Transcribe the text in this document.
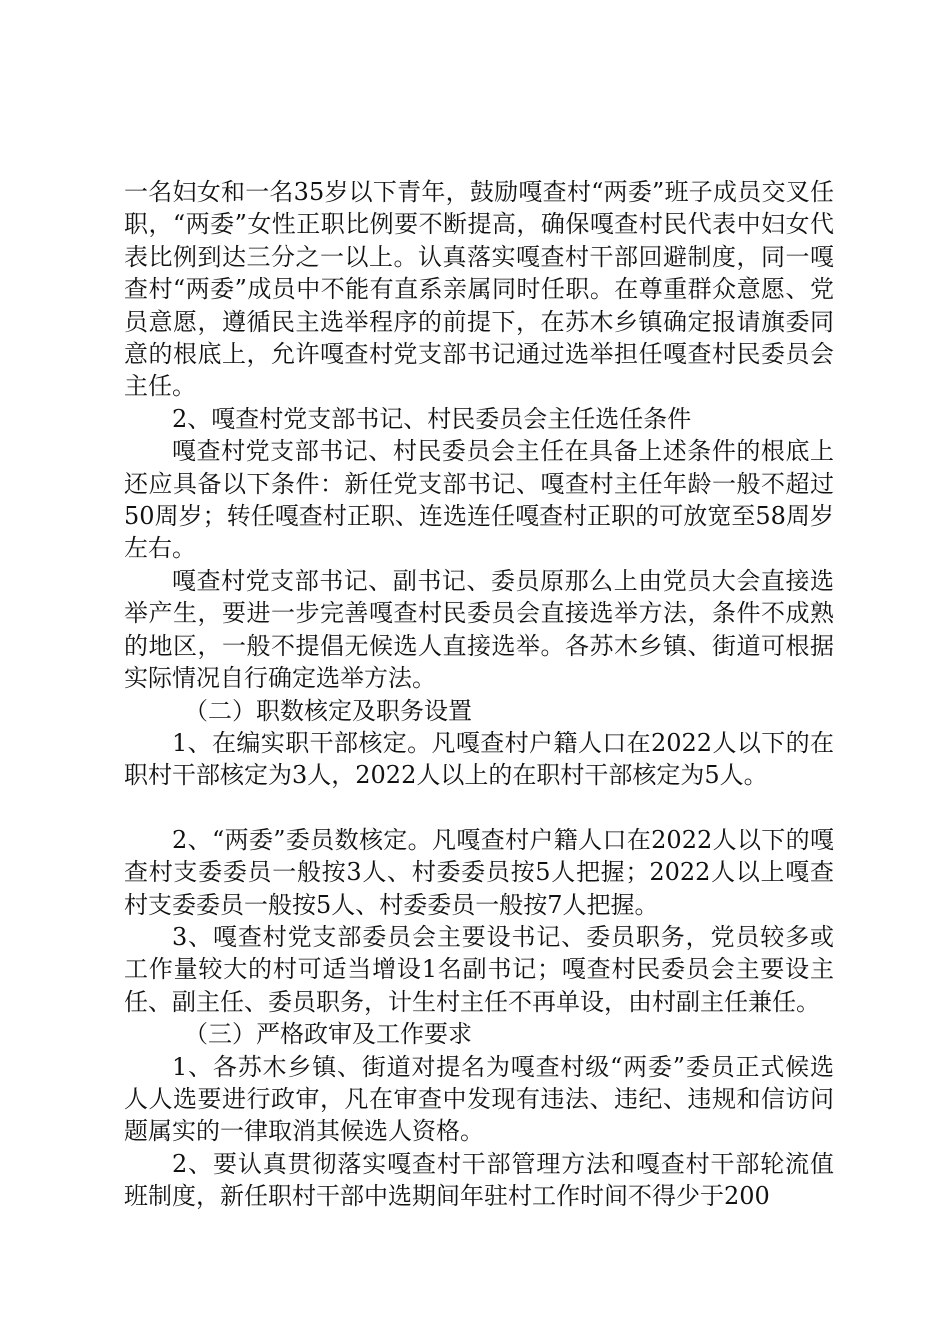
一名妇女和一名35岁以下青年，鼓励嘎查村“两委”班子成员交叉任职，“两委”女性正职比例要不断提高，确保嘎查村民代表中妇女代表比例到达三分之一以上。认真落实嘎查村干部回避制度，同一嘎查村“两委”成员中不能有直系亲属同时任职。在尊重群众意愿、党员意愿，遵循民主选举程序的前提下，在苏木乡镇确定报请旗委同意的根底上，允许嘎查村党支部书记通过选举担任嘎查村民委员会主任。

2、嘎查村党支部书记、村民委员会主任选任条件

嘎查村党支部书记、村民委员会主任在具备上述条件的根底上还应具备以下条件：新任党支部书记、嘎查村主任年龄一般不超过50周岁；转任嘎查村正职、连选连任嘎查村正职的可放宽至58周岁左右。

嘎查村党支部书记、副书记、委员原那么上由党员大会直接选举产生，要进一步完善嘎查村民委员会直接选举方法，条件不成熟的地区，一般不提倡无候选人直接选举。各苏木乡镇、街道可根据实际情况自行确定选举方法。

（二）职数核定及职务设置

1、在编实职干部核定。凡嘎查村户籍人口在2022人以下的在职村干部核定为3人，2022人以上的在职村干部核定为5人。

2、“两委”委员数核定。凡嘎查村户籍人口在2022人以下的嘎查村支委委员一般按3人、村委委员按5人把握；2022人以上嘎查村支委委员一般按5人、村委委员一般按7人把握。

3、嘎查村党支部委员会主要设书记、委员职务，党员较多或工作量较大的村可适当增设1名副书记；嘎查村民委员会主要设主任、副主任、委员职务，计生村主任不再单设，由村副主任兼任。

（三）严格政审及工作要求

1、各苏木乡镇、街道对提名为嘎查村级“两委”委员正式候选人人选要进行政审，凡在审查中发现有违法、违纪、违规和信访问题属实的一律取消其候选人资格。

2、要认真贯彻落实嘎查村干部管理方法和嘎查村干部轮流值班制度，新任职村干部中选期间年驻村工作时间不得少于200
